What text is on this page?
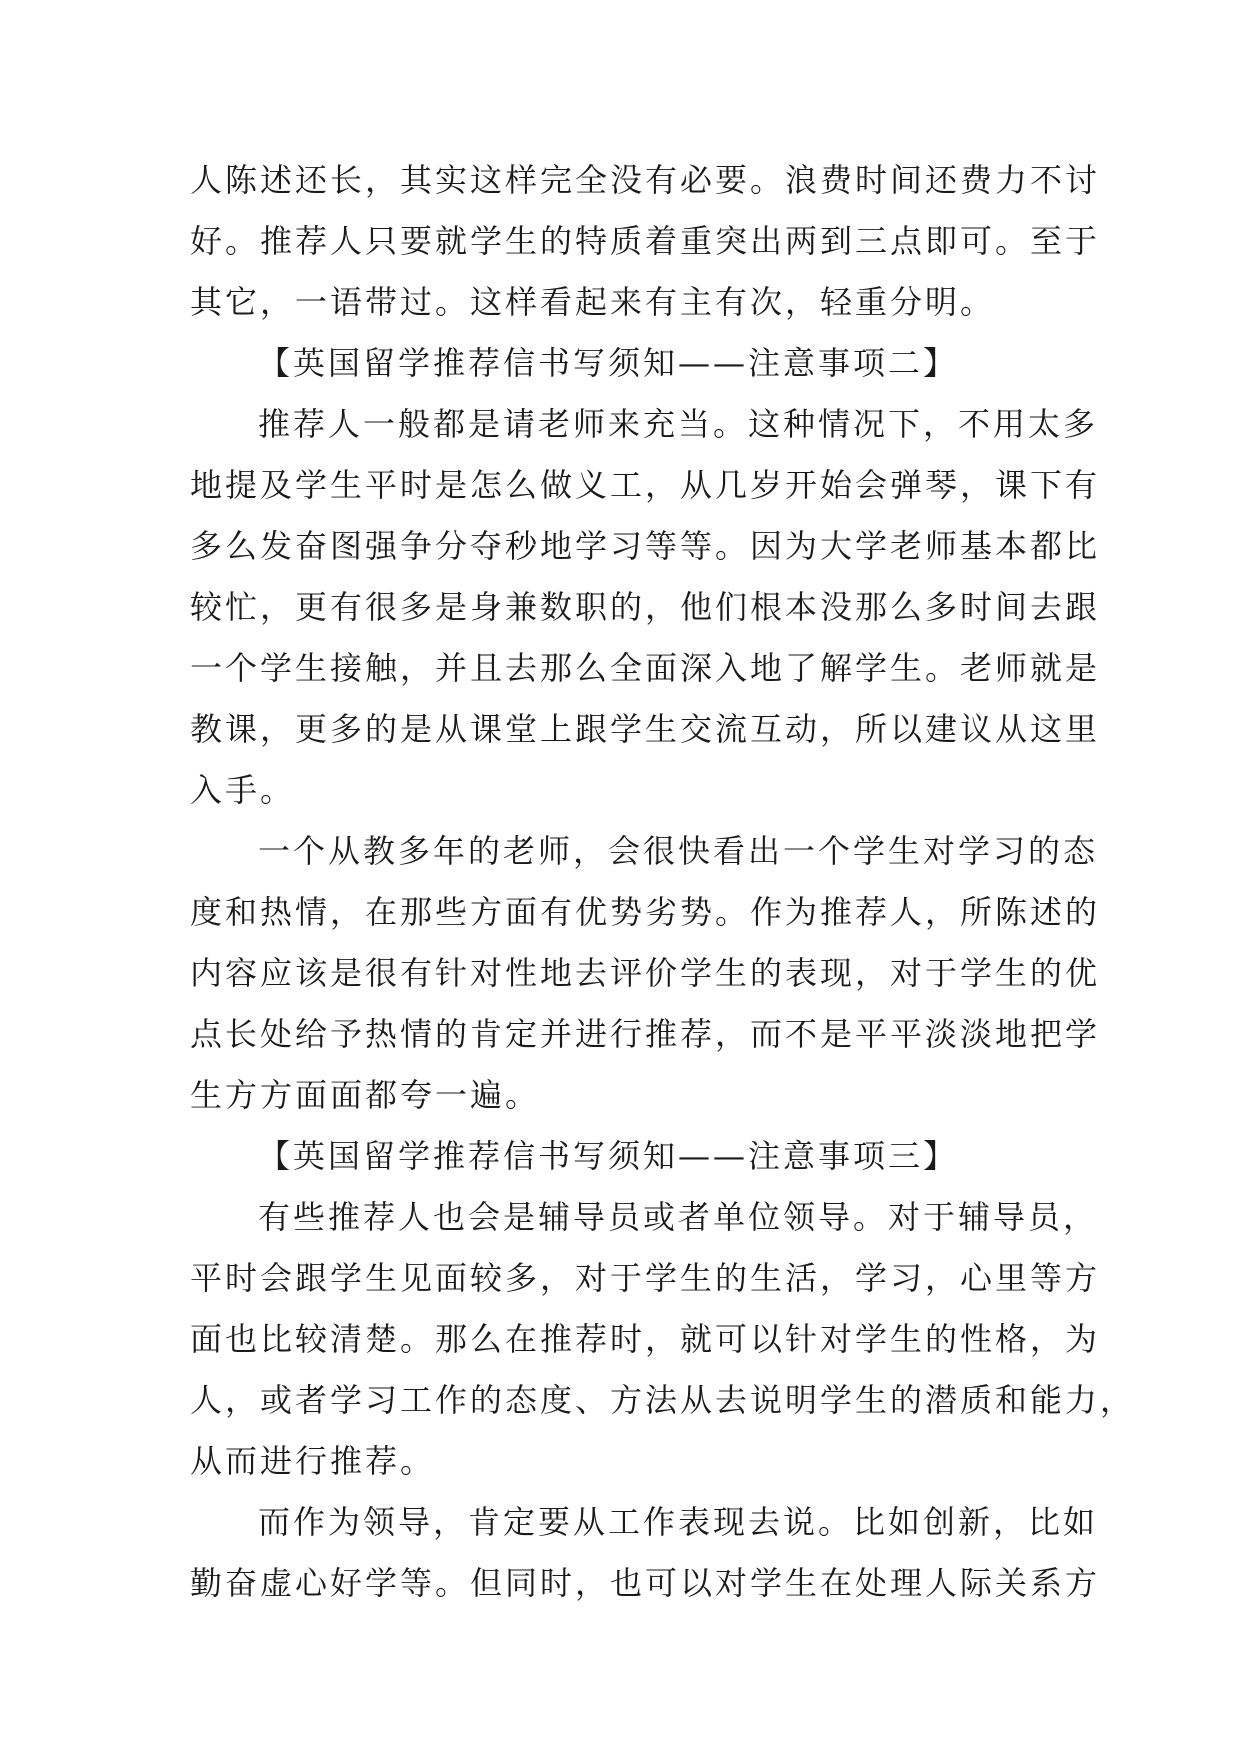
人陈述还长，其实这样完全没有必要。浪费时间还费力不讨
好。推荐人只要就学生的特质着重突出两到三点即可。至于
其它，一语带过。这样看起来有主有次，轻重分明。
【英国留学推荐信书写须知——注意事项二】
推荐人一般都是请老师来充当。这种情况下，不用太多
地提及学生平时是怎么做义工，从几岁开始会弹琴，课下有
多么发奋图强争分夺秒地学习等等。因为大学老师基本都比
较忙，更有很多是身兼数职的，他们根本没那么多时间去跟
一个学生接触，并且去那么全面深入地了解学生。老师就是
教课，更多的是从课堂上跟学生交流互动，所以建议从这里
入手。
一个从教多年的老师，会很快看出一个学生对学习的态
度和热情，在那些方面有优势劣势。作为推荐人，所陈述的
内容应该是很有针对性地去评价学生的表现，对于学生的优
点长处给予热情的肯定并进行推荐，而不是平平淡淡地把学
生方方面面都夸一遍。
【英国留学推荐信书写须知——注意事项三】
有些推荐人也会是辅导员或者单位领导。对于辅导员，
平时会跟学生见面较多，对于学生的生活，学习，心里等方
面也比较清楚。那么在推荐时，就可以针对学生的性格，为
人，或者学习工作的态度、方法从去说明学生的潜质和能力，
从而进行推荐。
而作为领导，肯定要从工作表现去说。比如创新，比如
勤奋虚心好学等。但同时，也可以对学生在处理人际关系方
